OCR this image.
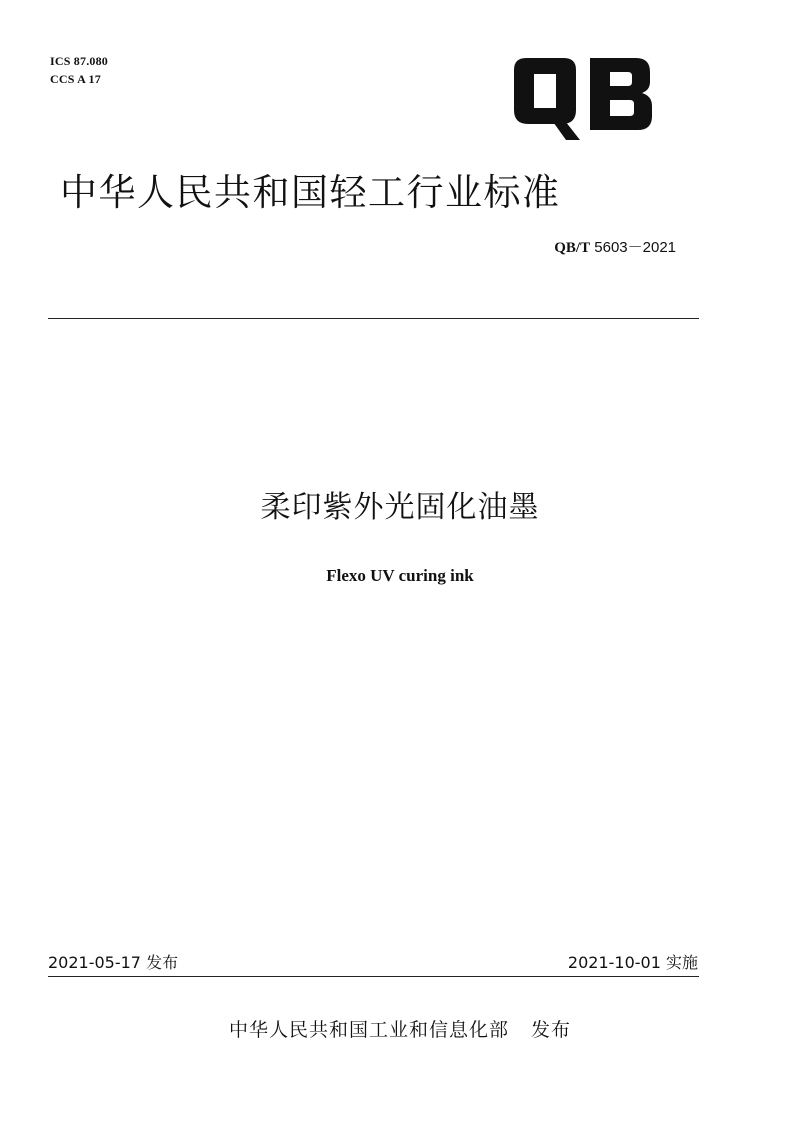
ICS 87.080
CCS A 17
中华人民共和国轻工行业标准
QB/T 5603－2021
柔印紫外光固化油墨
Flexo UV curing ink
2021-05-17 发布	2021-10-01 实施
中华人民共和国工业和信息化部 发布
